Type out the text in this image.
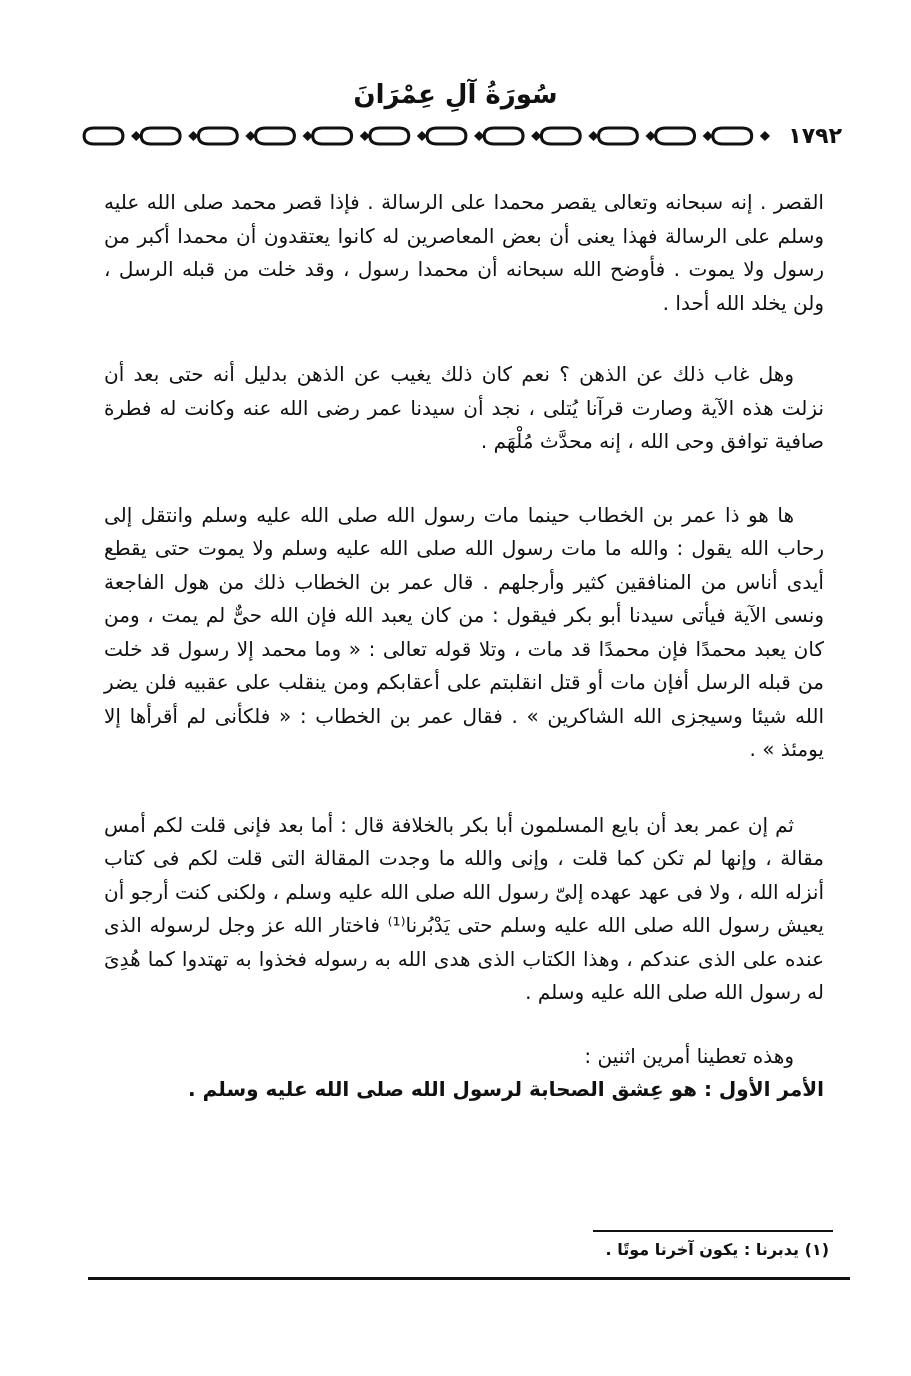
سُورَةُ آلِ عِمْرَانَ
١٧٩٢

القصر . إنه سبحانه وتعالى يقصر محمدا على الرسالة . فإذا قصر محمد صلى الله عليه وسلم على الرسالة فهذا يعنى أن بعض المعاصرين له كانوا يعتقدون أن محمدا أكبر من رسول ولا يموت . فأوضح الله سبحانه أن محمدا رسول ، وقد خلت من قبله الرسل ، ولن يخلد الله أحدا .

وهل غاب ذلك عن الذهن ؟ نعم كان ذلك يغيب عن الذهن بدليل أنه حتى بعد أن نزلت هذه الآية وصارت قرآنا يُتلى ، نجد أن سيدنا عمر رضى الله عنه وكانت له فطرة صافية توافق وحى الله ، إنه محدَّث مُلْهَم .

ها هو ذا عمر بن الخطاب حينما مات رسول الله صلى الله عليه وسلم وانتقل إلى رحاب الله يقول : والله ما مات رسول الله صلى الله عليه وسلم ولا يموت حتى يقطع أيدى أناس من المنافقين كثير وأرجلهم . قال عمر بن الخطاب ذلك من هول الفاجعة ونسى الآية فيأتى سيدنا أبو بكر فيقول : من كان يعبد الله فإن الله حىٌّ لم يمت ، ومن كان يعبد محمدًا فإن محمدًا قد مات ، وتلا قوله تعالى : « وما محمد إلا رسول قد خلت من قبله الرسل أفإن مات أو قتل انقلبتم على أعقابكم ومن ينقلب على عقبيه فلن يضر الله شيئا وسيجزى الله الشاكرين » . فقال عمر بن الخطاب : « فلكأنى لم أقرأها إلا يومئذ » .

ثم إن عمر بعد أن بايع المسلمون أبا بكر بالخلافة قال : أما بعد فإنى قلت لكم أمس مقالة ، وإنها لم تكن كما قلت ، وإنى والله ما وجدت المقالة التى قلت لكم فى كتاب أنزله الله ، ولا فى عهد عهده إلىّ رسول الله صلى الله عليه وسلم ، ولكنى كنت أرجو أن يعيش رسول الله صلى الله عليه وسلم حتى يَدْبُرنا⁽¹⁾ فاختار الله عز وجل لرسوله الذى عنده على الذى عندكم ، وهذا الكتاب الذى هدى الله به رسوله فخذوا به تهتدوا كما هُدِىَ له رسول الله صلى الله عليه وسلم .

وهذه تعطينا أمرين اثنين :

الأمر الأول : هو عِشق الصحابة لرسول الله صلى الله عليه وسلم .

(١) يدبرنا : يكون آخرنا موتًا .
